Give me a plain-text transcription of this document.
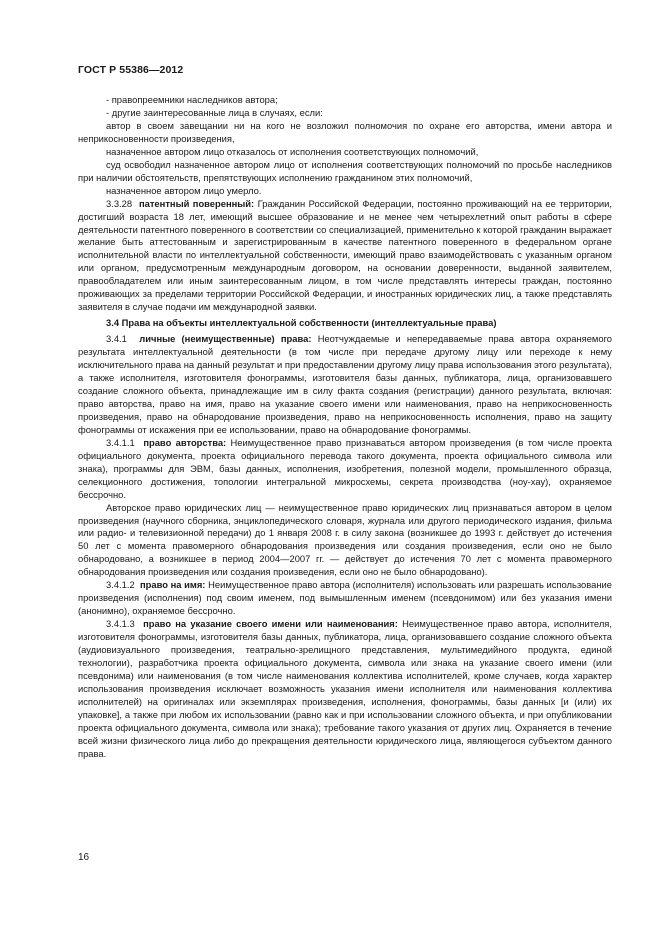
ГОСТ Р 55386—2012

- правопреемники наследников автора;

- другие заинтересованные лица в случаях, если:

автор в своем завещании ни на кого не возложил полномочия по охране его авторства, имени автора и неприкосновенности произведения,

назначенное автором лицо отказалось от исполнения соответствующих полномочий,

суд освободил назначенное автором лицо от исполнения соответствующих полномочий по просьбе наследников при наличии обстоятельств, препятствующих исполнению гражданином этих полномочий,

назначенное автором лицо умерло.

3.3.28 патентный поверенный: Гражданин Российской Федерации, постоянно проживающий на ее территории, достигший возраста 18 лет, имеющий высшее образование и не менее чем четырехлетний опыт работы в сфере деятельности патентного поверенного в соответствии со специализацией, применительно к которой гражданин выражает желание быть аттестованным и зарегистрированным в качестве патентного поверенного в федеральном органе исполнительной власти по интеллектуальной собственности, имеющий право взаимодействовать с указанным органом или органом, предусмотренным международным договором, на основании доверенности, выданной заявителем, правообладателем или иным заинтересованным лицом, в том числе представлять интересы граждан, постоянно проживающих за пределами территории Российской Федерации, и иностранных юридических лиц, а также представлять заявителя в случае подачи им международной заявки.

3.4 Права на объекты интеллектуальной собственности (интеллектуальные права)

3.4.1 личные (неимущественные) права: Неотчуждаемые и непередаваемые права автора охраняемого результата интеллектуальной деятельности (в том числе при передаче другому лицу или переходе к нему исключительного права на данный результат и при предоставлении другому лицу права использования этого результата), а также исполнителя, изготовителя фонограммы, изготовителя базы данных, публикатора, лица, организовавшего создание сложного объекта, принадлежащие им в силу факта создания (регистрации) данного результата, включая: право авторства, право на имя, право на указание своего имени или наименования, право на неприкосновенность произведения, право на обнародование произведения, право на неприкосновенность исполнения, право на защиту фонограммы от искажения при ее использовании, право на обнародование фонограммы.

3.4.1.1 право авторства: Неимущественное право признаваться автором произведения (в том числе проекта официального документа, проекта официального перевода такого документа, проекта официального символа или знака), программы для ЭВМ, базы данных, исполнения, изобретения, полезной модели, промышленного образца, селекционного достижения, топологии интегральной микросхемы, секрета производства (ноу-хау), охраняемое бессрочно.

Авторское право юридических лиц — неимущественное право юридических лиц признаваться автором в целом произведения (научного сборника, энциклопедического словаря, журнала или другого периодического издания, фильма или радио- и телевизионной передачи) до 1 января 2008 г. в силу закона (возникшее до 1993 г. действует до истечения 50 лет с момента правомерного обнародования произведения или создания произведения, если оно не было обнародовано, а возникшее в период 2004—2007 гг. — действует до истечения 70 лет с момента правомерного обнародования произведения или создания произведения, если оно не было обнародовано).

3.4.1.2 право на имя: Неимущественное право автора (исполнителя) использовать или разрешать использование произведения (исполнения) под своим именем, под вымышленным именем (псевдонимом) или без указания имени (анонимно), охраняемое бессрочно.

3.4.1.3 право на указание своего имени или наименования: Неимущественное право автора, исполнителя, изготовителя фонограммы, изготовителя базы данных, публикатора, лица, организовавшего создание сложного объекта (аудиовизуального произведения, театрально-зрелищного представления, мультимедийного продукта, единой технологии), разработчика проекта официального документа, символа или знака на указание своего имени (или псевдонима) или наименования (в том числе наименования коллектива исполнителей, кроме случаев, когда характер использования произведения исключает возможность указания имени исполнителя или наименования коллектива исполнителей) на оригиналах или экземплярах произведения, исполнения, фонограммы, базы данных [и (или) их упаковке], а также при любом их использовании (равно как и при использовании сложного объекта, и при опубликовании проекта официального документа, символа или знака); требование такого указания от других лиц. Охраняется в течение всей жизни физического лица либо до прекращения деятельности юридического лица, являющегося субъектом данного права.

16
